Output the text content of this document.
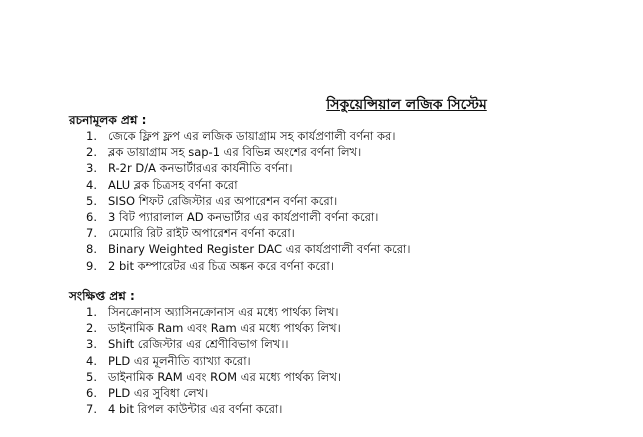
সিকুয়েন্সিয়াল লজিক সিস্টেম
রচনামূলক প্রশ্ন :
1. জেকে ফ্লিপ ফ্লপ এর লজিক ডায়াগ্রাম সহ কার্যপ্রণালী বর্ণনা কর।
2. ব্লক ডায়াগ্রাম সহ sap-1 এর বিভিন্ন অংশের বর্ণনা লিখ।
3. R-2r D/A কনভার্টারএর কার্যনীতি বর্ণনা।
4. ALU ব্লক চিত্রসহ বর্ণনা করো
5. SISO শিফট রেজিস্টার এর অপারেশন বর্ণনা করো।
6. 3 বিট প্যারালাল AD কনভার্টার এর কার্যপ্রণালী বর্ণনা করো।
7. মেমোরি রিট রাইট অপারেশন বর্ণনা করো।
8. Binary Weighted Register DAC এর কার্যপ্রণালী বর্ণনা করো।
9. 2 bit কম্পারেটর এর চিত্র অঙ্কন করে বর্ণনা করো।
সংক্ষিপ্ত প্রশ্ন :
1. সিনক্রোনাস অ্যাসিনক্রোনাস এর মধ্যে পার্থক্য লিখ।
2. ডাইনামিক Ram এবং Ram এর মধ্যে পার্থক্য লিখ।
3. Shift রেজিস্টার এর শ্রেণীবিভাগ লিখ।।
4. PLD এর মূলনীতি ব্যাখ্যা করো।
5. ডাইনামিক RAM এবং ROM এর মধ্যে পার্থক্য লিখ।
6. PLD এর সুবিধা লেখ।
7. 4 bit রিপল কাউন্টার এর বর্ণনা করো।
